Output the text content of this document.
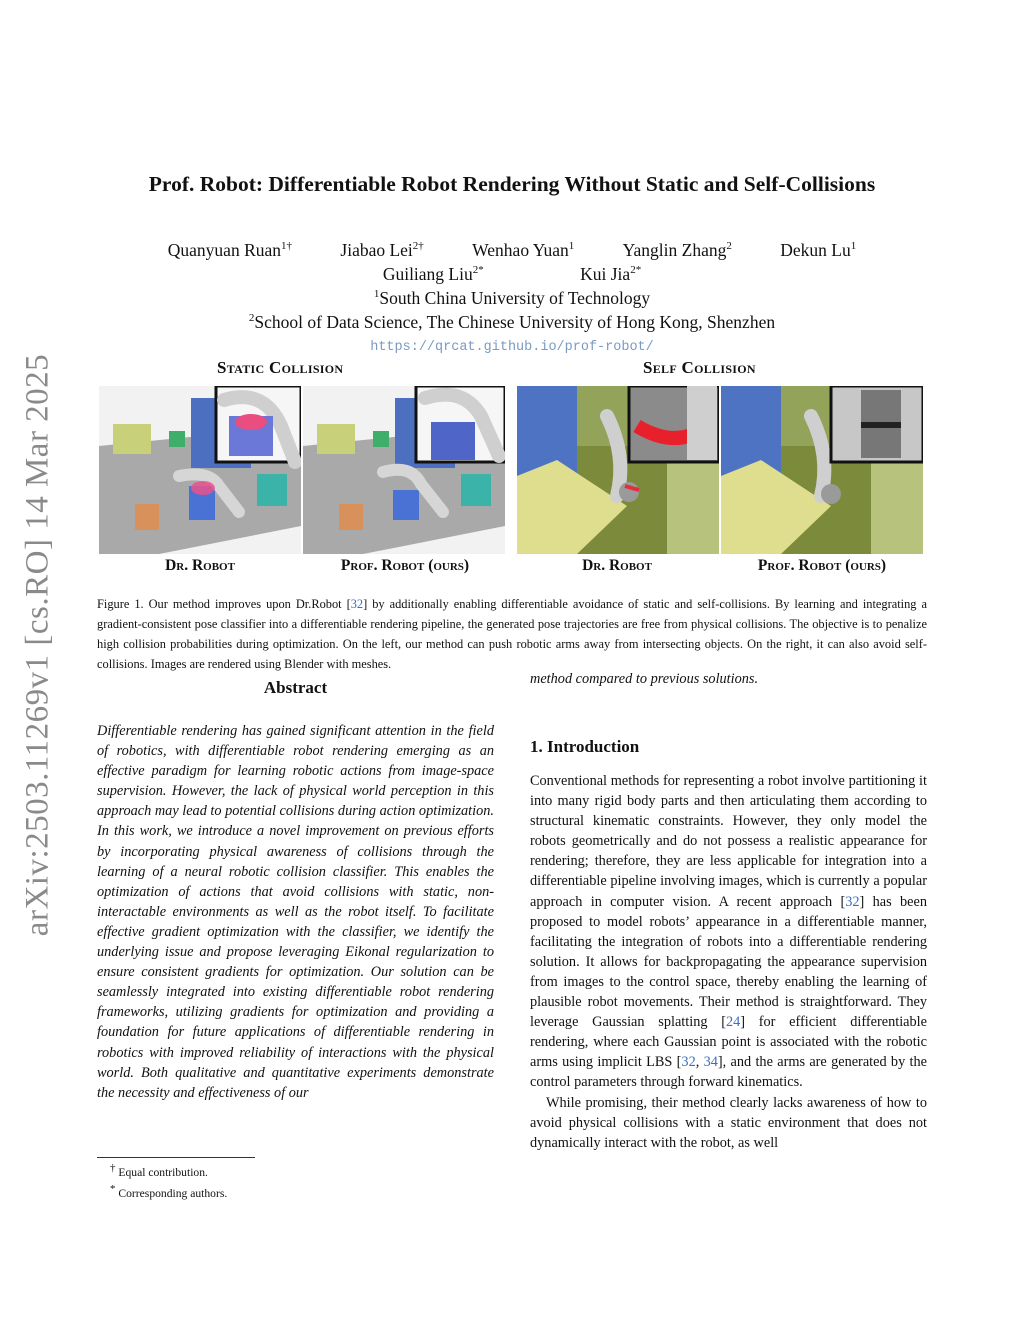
arXiv:2503.11269v1 [cs.RO] 14 Mar 2025
Prof. Robot: Differentiable Robot Rendering Without Static and Self-Collisions
Quanyuan Ruan$^{1\dagger}$	Jiabao Lei$^{2\dagger}$	Wenhao Yuan$^1$	Yanglin Zhang$^2$	Dekun Lu$^1$
Guiliang Liu$^{2*}$	Kui Jia$^{2*}$
$^1$South China University of Technology
$^2$School of Data Science, The Chinese University of Hong Kong, Shenzhen
https://qrcat.github.io/prof-robot/
Static Collision	Self Collision
Dr. Robot	Prof. Robot (ours)	Dr. Robot	Prof. Robot (ours)
Figure 1. Our method improves upon Dr.Robot [32] by additionally enabling differentiable avoidance of static and self-collisions. By learning and integrating a gradient-consistent pose classifier into a differentiable rendering pipeline, the generated pose trajectories are free from physical collisions. The objective is to penalize high collision probabilities during optimization. On the left, our method can push robotic arms away from intersecting objects. On the right, it can also avoid self-collisions. Images are rendered using Blender with meshes.
Abstract
Differentiable rendering has gained significant attention in the field of robotics, with differentiable robot rendering emerging as an effective paradigm for learning robotic actions from image-space supervision. However, the lack of physical world perception in this approach may lead to potential collisions during action optimization. In this work, we introduce a novel improvement on previous efforts by incorporating physical awareness of collisions through the learning of a neural robotic collision classifier. This enables the optimization of actions that avoid collisions with static, non-interactable environments as well as the robot itself. To facilitate effective gradient optimization with the classifier, we identify the underlying issue and propose leveraging Eikonal regularization to ensure consistent gradients for optimization. Our solution can be seamlessly integrated into existing differentiable robot rendering frameworks, utilizing gradients for optimization and providing a foundation for future applications of differentiable rendering in robotics with improved reliability of interactions with the physical world. Both qualitative and quantitative experiments demonstrate the necessity and effectiveness of our
method compared to previous solutions.
1. Introduction

Conventional methods for representing a robot involve partitioning it into many rigid body parts and then articulating them according to structural kinematic constraints. However, they only model the robots geometrically and do not possess a realistic appearance for rendering; therefore, they are less applicable for integration into a differentiable pipeline involving images, which is currently a popular approach in computer vision. A recent approach [32] has been proposed to model robots’ appearance in a differentiable manner, facilitating the integration of robots into a differentiable rendering solution. It allows for backpropagating the appearance supervision from images to the control space, thereby enabling the learning of plausible robot movements. Their method is straightforward. They leverage Gaussian splatting [24] for efficient differentiable rendering, where each Gaussian point is associated with the robotic arms using implicit LBS [32, 34], and the arms are generated by the control parameters through forward kinematics.

While promising, their method clearly lacks awareness of how to avoid physical collisions with a static environment that does not dynamically interact with the robot, as well

† Equal contribution.
* Corresponding authors.
